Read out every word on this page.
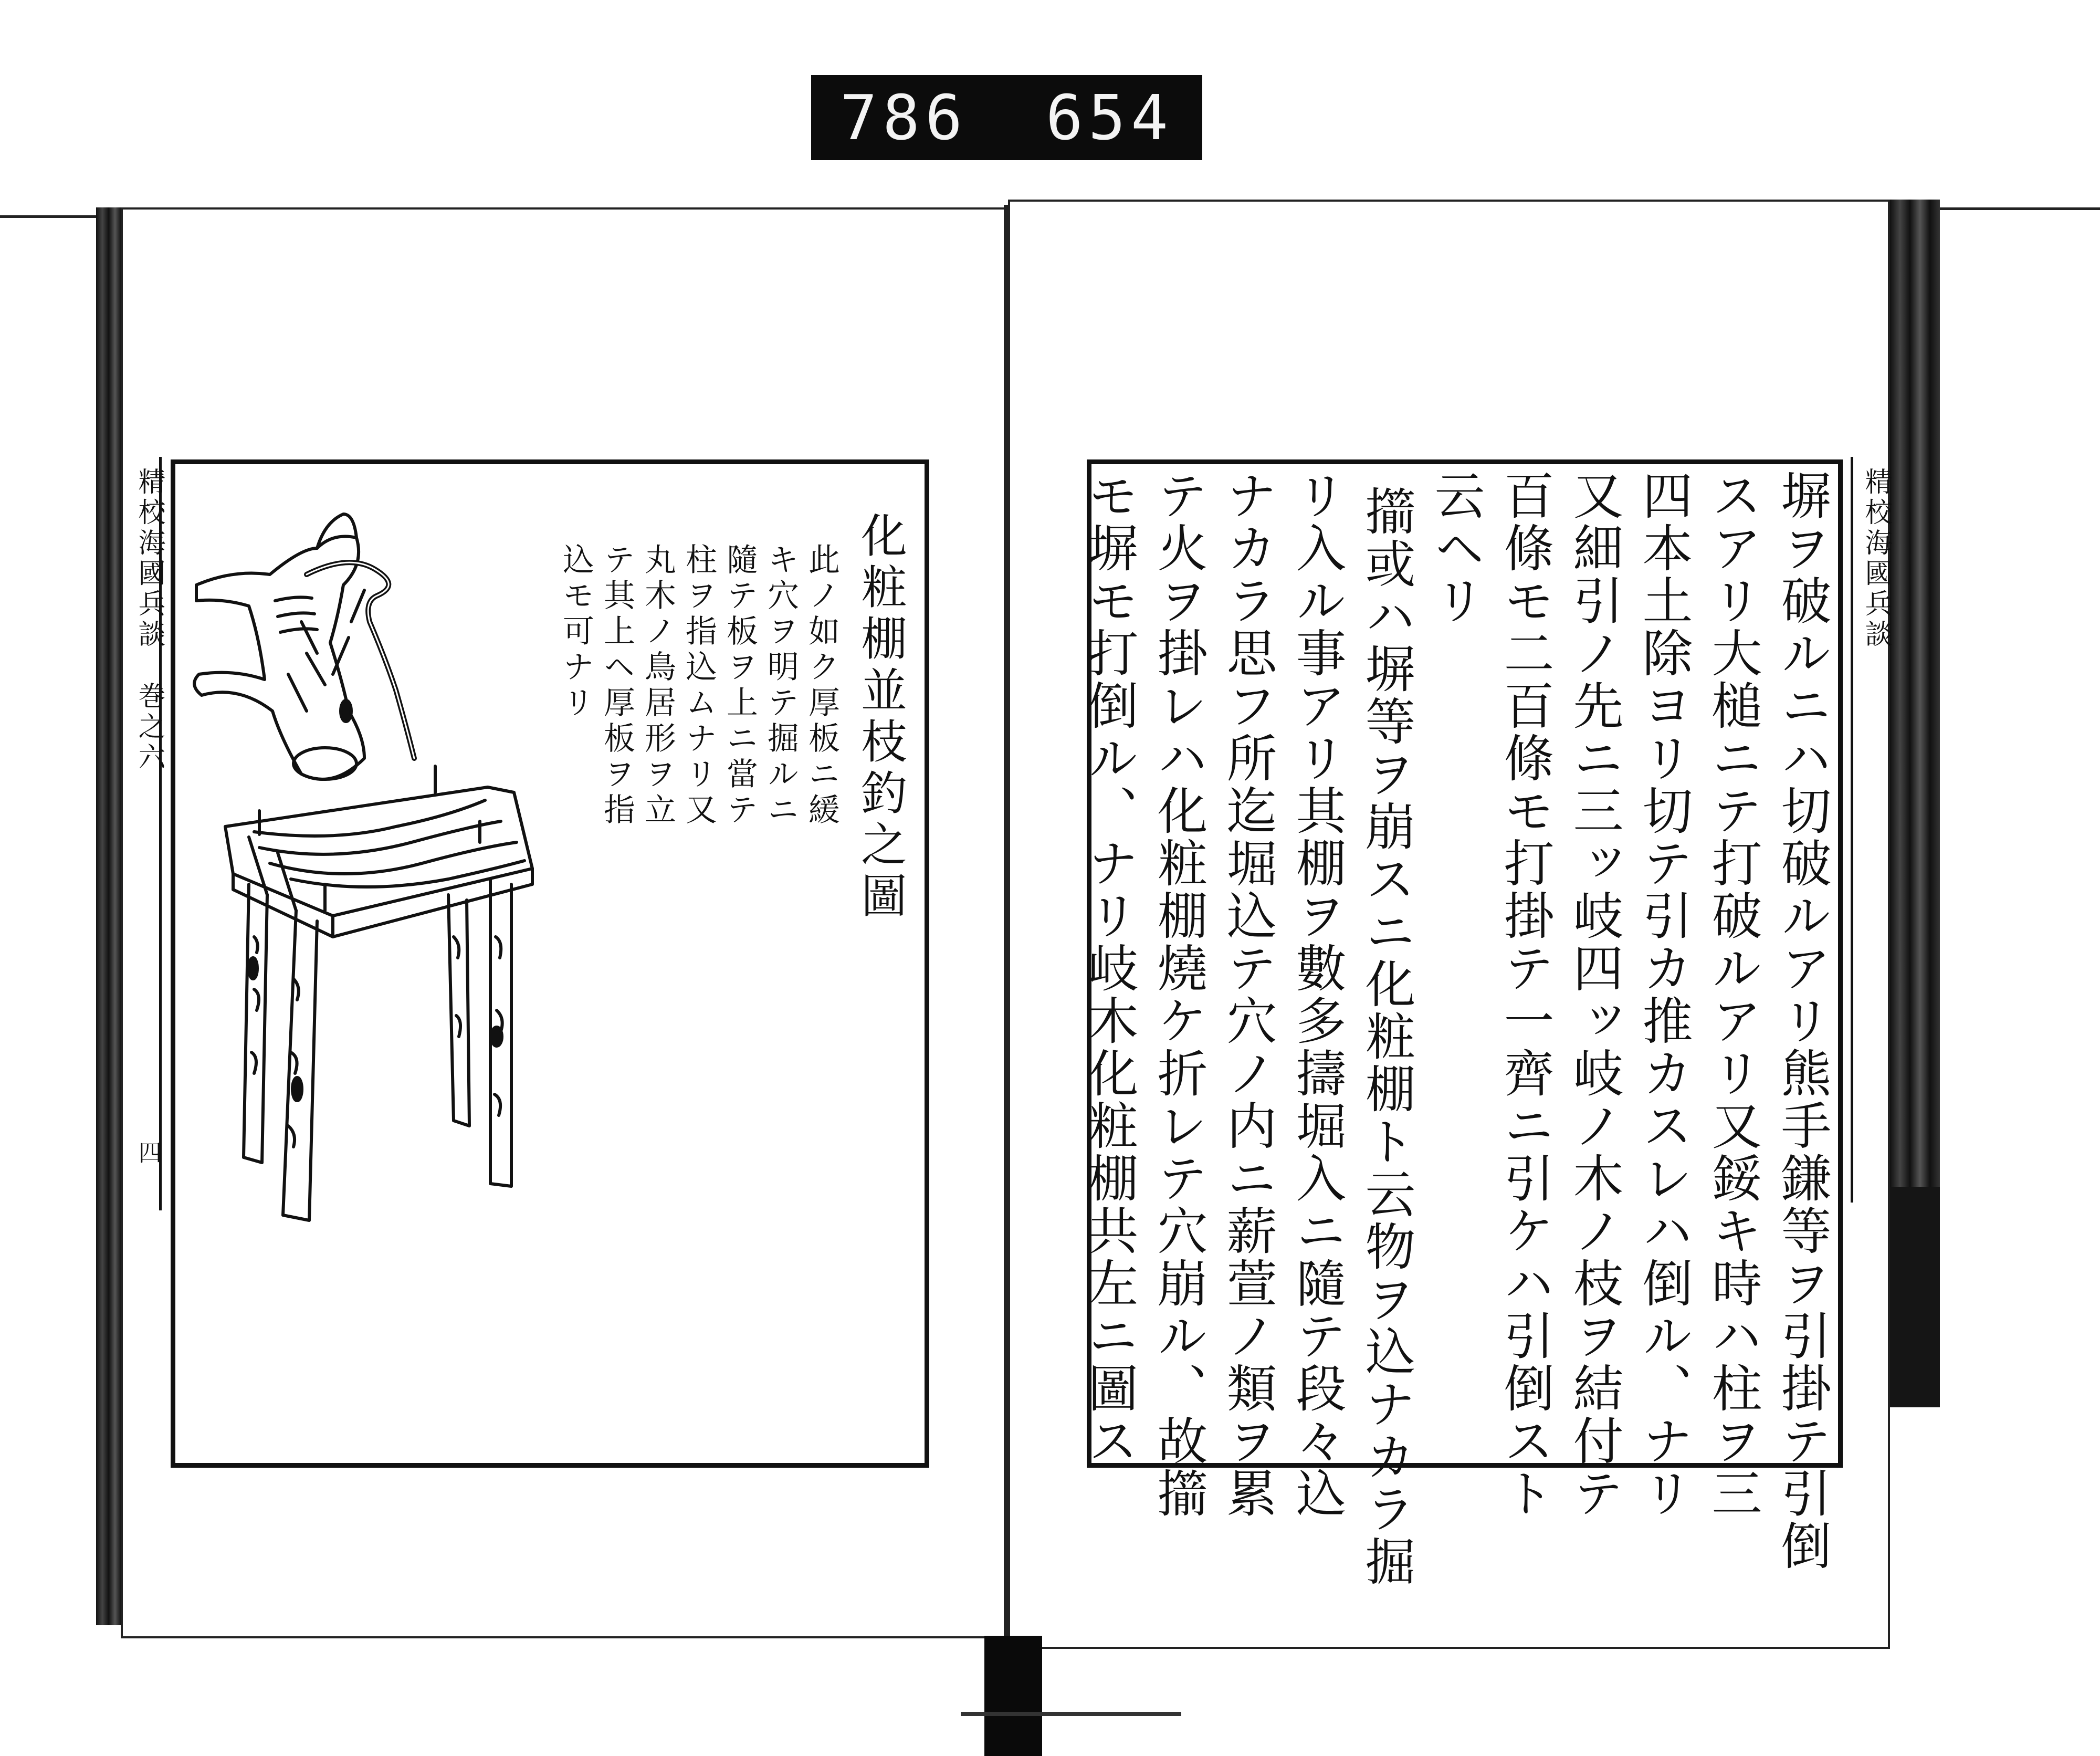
786 654
精校海國兵談
巻之六
四
精校海國兵談
化粧棚並枝釣之圖
此ノ如ク厚板ニ緩
キ穴ヲ明テ掘ルニ
隨テ板ヲ上ニ當テ
柱ヲ指込ムナリ又
丸木ノ鳥居形ヲ立
テ其上ヘ厚板ヲ指
込モ可ナリ	塀ヲ破ルニハ切破ルアリ熊手鎌等ヲ引掛テ引倒
スアリ大槌ニテ打破ルアリ又鋖キ時ハ柱ヲ三
四本土除ヨリ切テ引カ推カスレハ倒ル、ナリ
又細引ノ先ニ三ッ岐四ッ岐ノ木ノ枝ヲ結付テ
百條モ二百條モ打掛テ一齊ニ引ケハ引倒スト
云ヘリ
擶或ハ塀等ヲ崩スニ化粧棚ト云物ヲ込ナカラ掘
リ入ル事アリ其棚ヲ數多擣堀入ニ隨テ段々込
ナカラ思フ所迄堀込テ穴ノ内ニ薪萱ノ類ヲ累
テ火ヲ掛レハ化粧棚燒ケ折レテ穴崩ル、故擶
モ塀モ打倒ル、ナリ岐木化粧棚共左ニ圖ス
